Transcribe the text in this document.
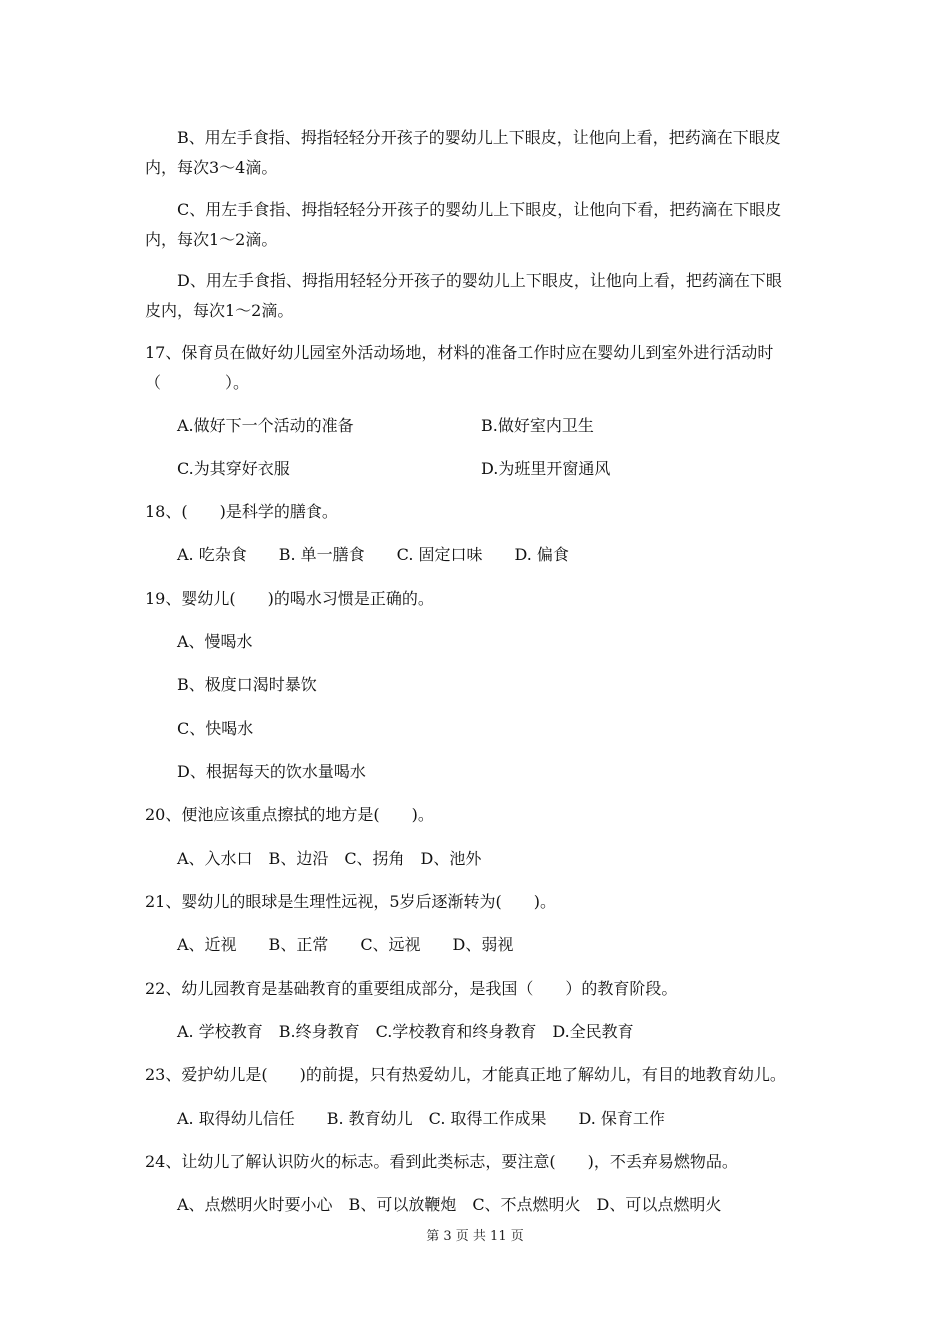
B、用左手食指、拇指轻轻分开孩子的婴幼儿上下眼皮，让他向上看，把药滴在下眼皮
内，每次3～4滴。
C、用左手食指、拇指轻轻分开孩子的婴幼儿上下眼皮，让他向下看，把药滴在下眼皮
内，每次1～2滴。
D、用左手食指、拇指用轻轻分开孩子的婴幼儿上下眼皮，让他向上看，把药滴在下眼
皮内，每次1～2滴。
17、保育员在做好幼儿园室外活动场地，材料的准备工作时应在婴幼儿到室外进行活动时
（　　　　）。
A.做好下一个活动的准备	B.做好室内卫生
C.为其穿好衣服	D.为班里开窗通风
18、(　　)是科学的膳食。
A. 吃杂食　　B. 单一膳食　　C. 固定口味　　D. 偏食
19、婴幼儿(　　)的喝水习惯是正确的。
A、慢喝水
B、极度口渴时暴饮
C、快喝水
D、根据每天的饮水量喝水
20、便池应该重点擦拭的地方是(　　)。
A、入水口　B、边沿　C、拐角　D、池外
21、婴幼儿的眼球是生理性远视，5岁后逐渐转为(　　)。
A、近视　　B、正常　　C、远视　　D、弱视
22、幼儿园教育是基础教育的重要组成部分，是我国（　　）的教育阶段。
A. 学校教育　B.终身教育　C.学校教育和终身教育　D.全民教育
23、爱护幼儿是(　　)的前提，只有热爱幼儿，才能真正地了解幼儿，有目的地教育幼儿。
A. 取得幼儿信任　　B. 教育幼儿　C. 取得工作成果　　D. 保育工作
24、让幼儿了解认识防火的标志。看到此类标志，要注意(　　)，不丢弃易燃物品。
A、点燃明火时要小心　B、可以放鞭炮　C、不点燃明火　D、可以点燃明火
第 3 页 共 11 页
